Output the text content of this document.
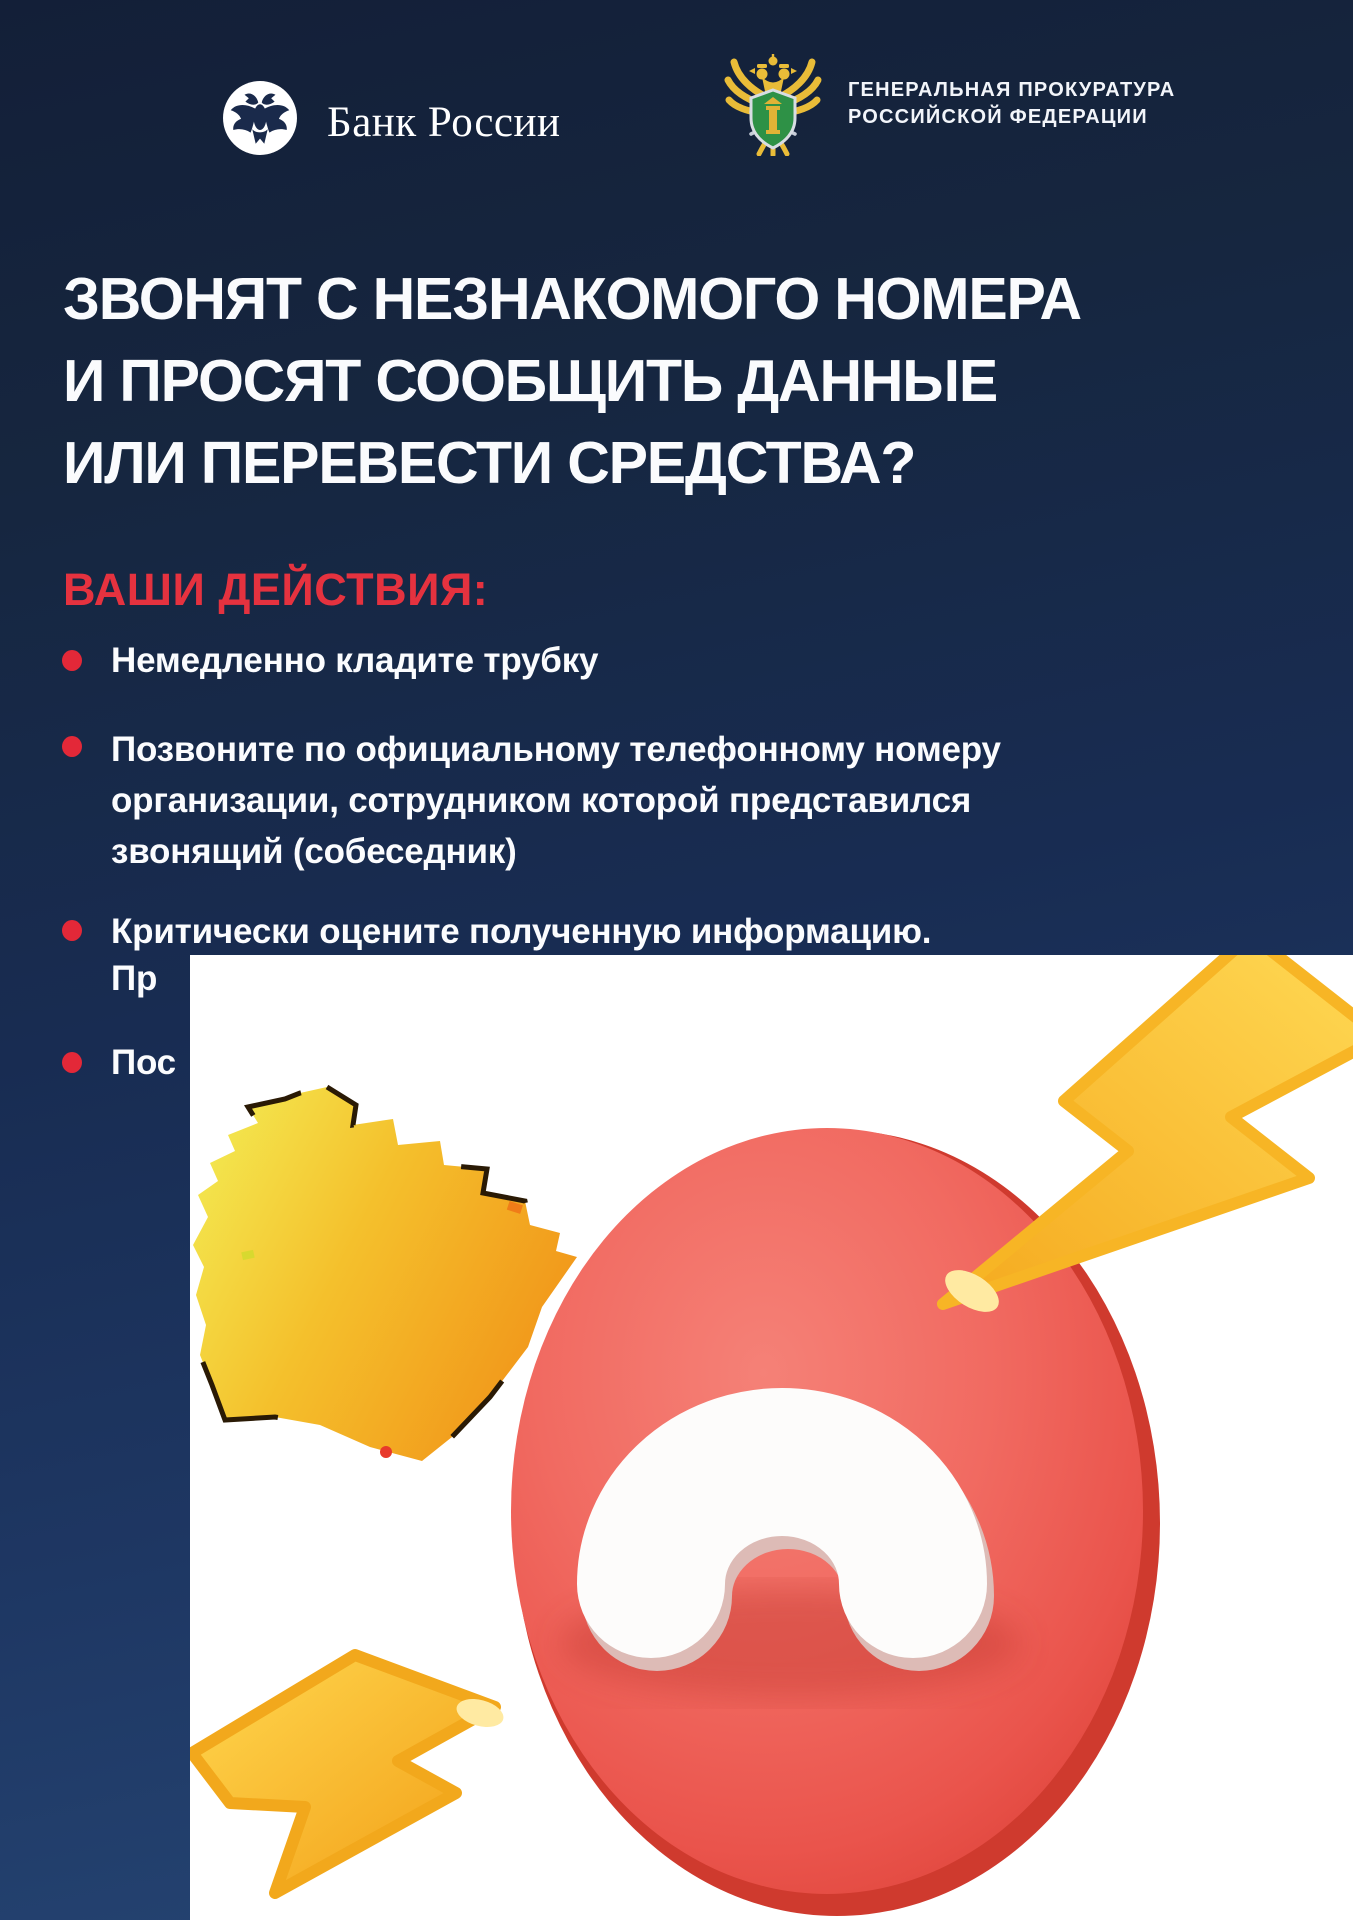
Банк России
ГЕНЕРАЛЬНАЯ ПРОКУРАТУРА
РОССИЙСКОЙ ФЕДЕРАЦИИ
ЗВОНЯТ С НЕЗНАКОМОГО НОМЕРА
И ПРОСЯТ СООБЩИТЬ ДАННЫЕ
ИЛИ ПЕРЕВЕСТИ СРЕДСТВА?
ВАШИ ДЕЙСТВИЯ:
Немедленно кладите трубку
Позвоните по официальному телефонному номеру
организации, сотрудником которой представился
звонящий (собеседник)
Критически оцените полученную информацию.
Пр
Пос
